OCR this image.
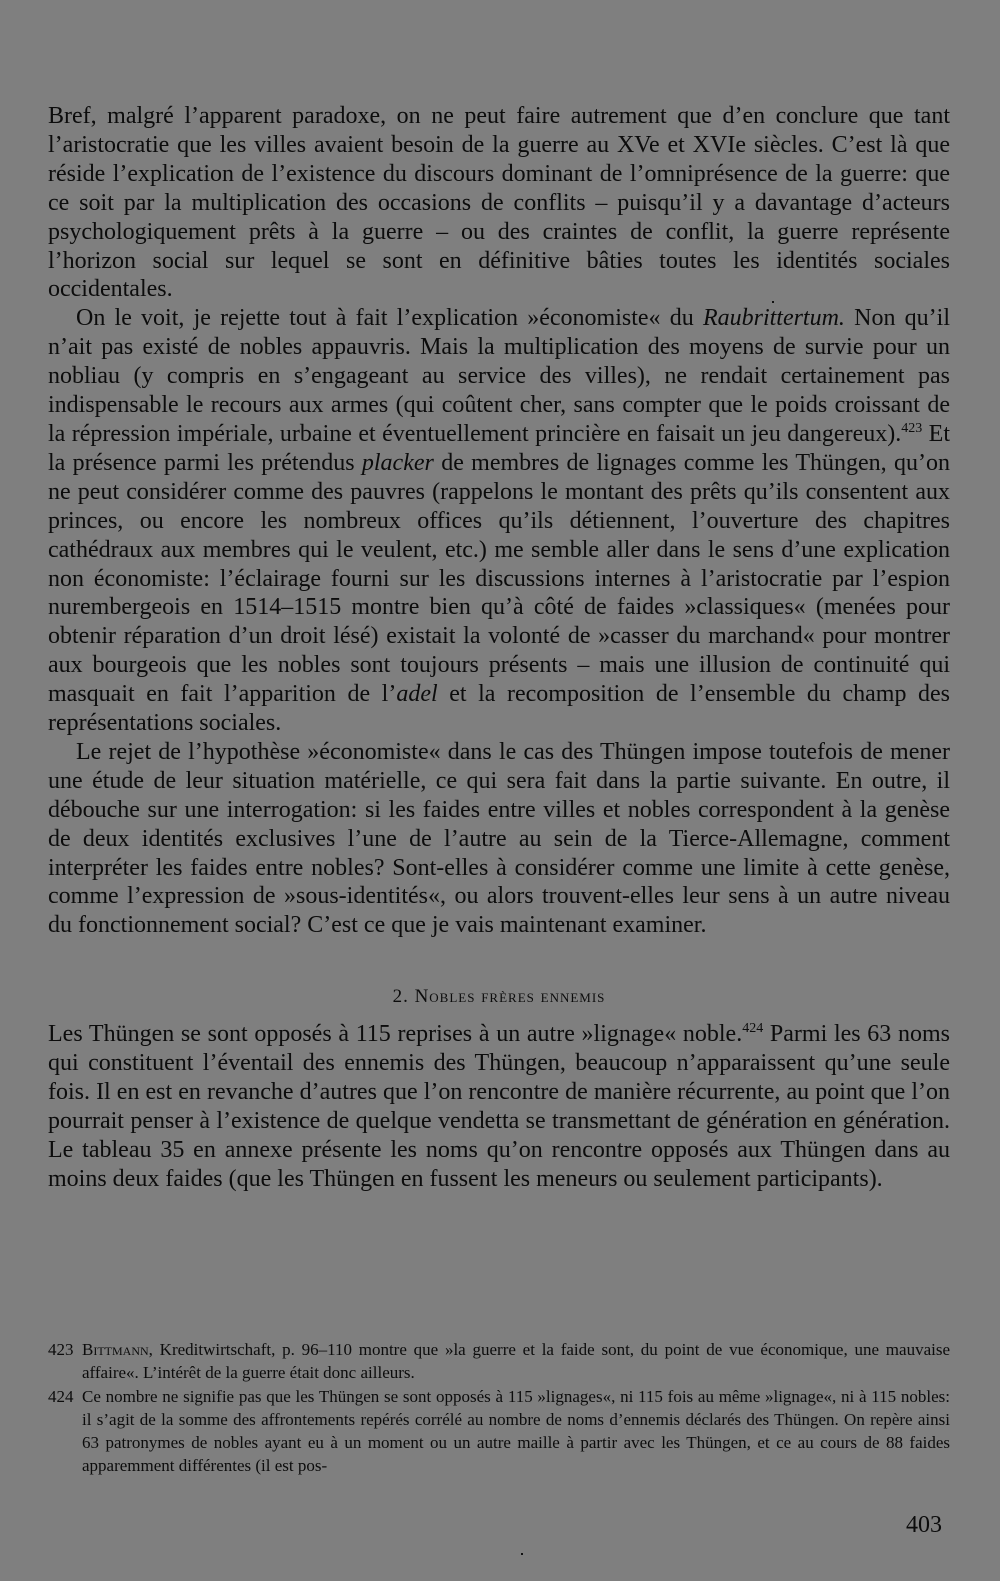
Bref, malgré l’apparent paradoxe, on ne peut faire autrement que d’en conclure que tant l’aristocratie que les villes avaient besoin de la guerre au XVe et XVIe siècles. C’est là que réside l’explication de l’existence du discours dominant de l’omniprésence de la guerre: que ce soit par la multiplication des occasions de conflits – puisqu’il y a davantage d’acteurs psychologiquement prêts à la guerre – ou des craintes de conflit, la guerre représente l’horizon social sur lequel se sont en définitive bâties toutes les identités sociales occidentales.

On le voit, je rejette tout à fait l’explication »économiste« du Raubrittertum. Non qu’il n’ait pas existé de nobles appauvris. Mais la multiplication des moyens de survie pour un nobliau (y compris en s’engageant au service des villes), ne rendait certainement pas indispensable le recours aux armes (qui coûtent cher, sans compter que le poids croissant de la répression impériale, urbaine et éventuellement princière en faisait un jeu dangereux).$^{423}$ Et la présence parmi les prétendus placker de membres de lignages comme les Thüngen, qu’on ne peut considérer comme des pauvres (rappelons le montant des prêts qu’ils consentent aux princes, ou encore les nombreux offices qu’ils détiennent, l’ouverture des chapitres cathédraux aux membres qui le veulent, etc.) me semble aller dans le sens d’une explication non économiste: l’éclairage fourni sur les discussions internes à l’aristocratie par l’espion nurembergeois en 1514–1515 montre bien qu’à côté de faides »classiques« (menées pour obtenir réparation d’un droit lésé) existait la volonté de »casser du marchand« pour montrer aux bourgeois que les nobles sont toujours présents – mais une illusion de continuité qui masquait en fait l’apparition de l’adel et la recomposition de l’ensemble du champ des représentations sociales.

Le rejet de l’hypothèse »économiste« dans le cas des Thüngen impose toutefois de mener une étude de leur situation matérielle, ce qui sera fait dans la partie suivante. En outre, il débouche sur une interrogation: si les faides entre villes et nobles correspondent à la genèse de deux identités exclusives l’une de l’autre au sein de la Tierce-Allemagne, comment interpréter les faides entre nobles? Sont-elles à considérer comme une limite à cette genèse, comme l’expression de »sous-identités«, ou alors trouvent-elles leur sens à un autre niveau du fonctionnement social? C’est ce que je vais maintenant examiner.

2. Nobles frères ennemis

Les Thüngen se sont opposés à 115 reprises à un autre »lignage« noble.$^{424}$ Parmi les 63 noms qui constituent l’éventail des ennemis des Thüngen, beaucoup n’apparaissent qu’une seule fois. Il en est en revanche d’autres que l’on rencontre de manière récurrente, au point que l’on pourrait penser à l’existence de quelque vendetta se transmettant de génération en génération. Le tableau 35 en annexe présente les noms qu’on rencontre opposés aux Thüngen dans au moins deux faides (que les Thüngen en fussent les meneurs ou seulement participants).

423 Bittmann, Kreditwirtschaft, p. 96–110 montre que »la guerre et la faide sont, du point de vue économique, une mauvaise affaire«. L’intérêt de la guerre était donc ailleurs.
424 Ce nombre ne signifie pas que les Thüngen se sont opposés à 115 »lignages«, ni 115 fois au même »lignage«, ni à 115 nobles: il s’agit de la somme des affrontements repérés corrélé au nombre de noms d’ennemis déclarés des Thüngen. On repère ainsi 63 patronymes de nobles ayant eu à un moment ou un autre maille à partir avec les Thüngen, et ce au cours de 88 faides apparemment différentes (il est pos-
403
